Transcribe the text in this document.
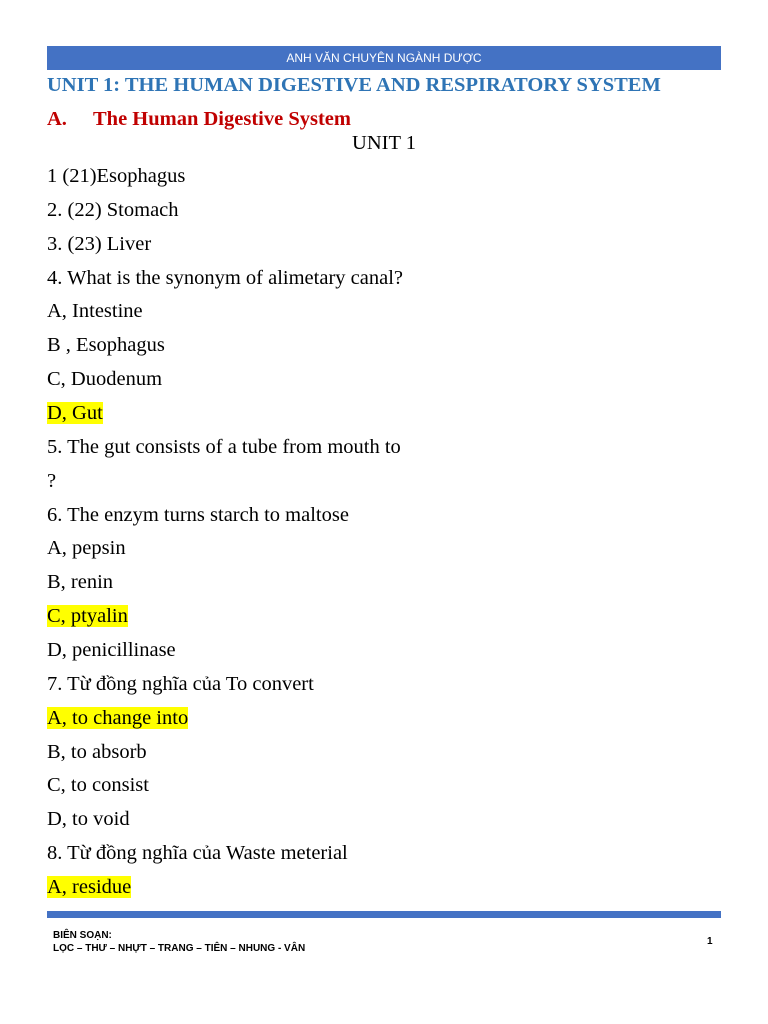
ANH VĂN CHUYÊN NGÀNH DƯỢC
UNIT 1: THE HUMAN DIGESTIVE AND RESPIRATORY SYSTEM
A. The Human Digestive System
UNIT 1
1 (21)Esophagus
2. (22) Stomach
3. (23) Liver
4. What is the synonym of alimetary canal?
A, Intestine
B , Esophagus
C, Duodenum
D, Gut
5. The gut consists of a tube from mouth to
?
6. The enzym turns starch to maltose
A, pepsin
B, renin
C, ptyalin
D, penicillinase
7. Từ đồng nghĩa của To convert
A, to change into
B, to absorb
C, to consist
D, to void
8. Từ đồng nghĩa của Waste meterial
A, residue
BIÊN SOẠN:
LỌC – THƯ – NHỰT – TRANG – TIÊN – NHUNG - VÂN
1
